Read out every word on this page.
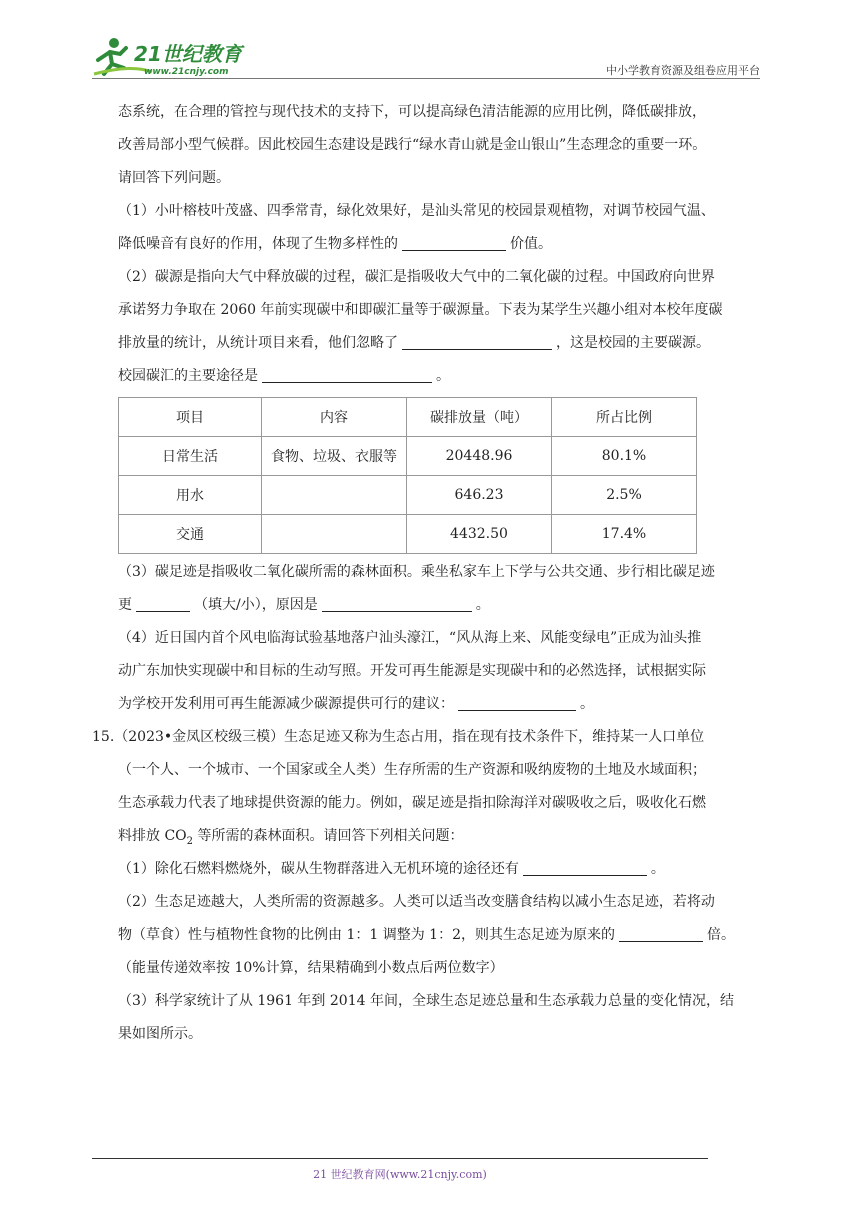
21世纪教育
www.21cnjy.com	中小学教育资源及组卷应用平台
态系统，在合理的管控与现代技术的支持下，可以提高绿色清洁能源的应用比例，降低碳排放，
改善局部小型气候群。因此校园生态建设是践行“绿水青山就是金山银山”生态理念的重要一环。
请回答下列问题。
（1）小叶榕枝叶茂盛、四季常青，绿化效果好，是汕头常见的校园景观植物，对调节校园气温、
降低噪音有良好的作用，体现了生物多样性的	价值。
（2）碳源是指向大气中释放碳的过程，碳汇是指吸收大气中的二氧化碳的过程。中国政府向世界
承诺努力争取在 2060 年前实现碳中和即碳汇量等于碳源量。下表为某学生兴趣小组对本校年度碳
排放量的统计，从统计项目来看，他们忽略了	，这是校园的主要碳源。
校园碳汇的主要途径是	。
项目	内容	碳排放量（吨）	所占比例
日常生活	食物、垃圾、衣服等	20448.96	80.1%
用水		646.23	2.5%
交通		4432.50	17.4%
（3）碳足迹是指吸收二氧化碳所需的森林面积。乘坐私家车上下学与公共交通、步行相比碳足迹
更	（填大/小），原因是	。
（4）近日国内首个风电临海试验基地落户汕头濠江，“风从海上来、风能变绿电”正成为汕头推
动广东加快实现碳中和目标的生动写照。开发可再生能源是实现碳中和的必然选择，试根据实际
为学校开发利用可再生能源减少碳源提供可行的建议：	。
15.（2023•金凤区校级三模）生态足迹又称为生态占用，指在现有技术条件下，维持某一人口单位
（一个人、一个城市、一个国家或全人类）生存所需的生产资源和吸纳废物的土地及水域面积；
生态承载力代表了地球提供资源的能力。例如，碳足迹是指扣除海洋对碳吸收之后，吸收化石燃
料排放 $CO_2$ 等所需的森林面积。请回答下列相关问题：
（1）除化石燃料燃烧外，碳从生物群落进入无机环境的途径还有	。
（2）生态足迹越大，人类所需的资源越多。人类可以适当改变膳食结构以减小生态足迹，若将动
物（草食）性与植物性食物的比例由 1：1 调整为 1：2，则其生态足迹为原来的	倍。
（能量传递效率按 10%计算，结果精确到小数点后两位数字）
（3）科学家统计了从 1961 年到 2014 年间，全球生态足迹总量和生态承载力总量的变化情况，结
果如图所示。
21 世纪教育网(www.21cnjy.com)
